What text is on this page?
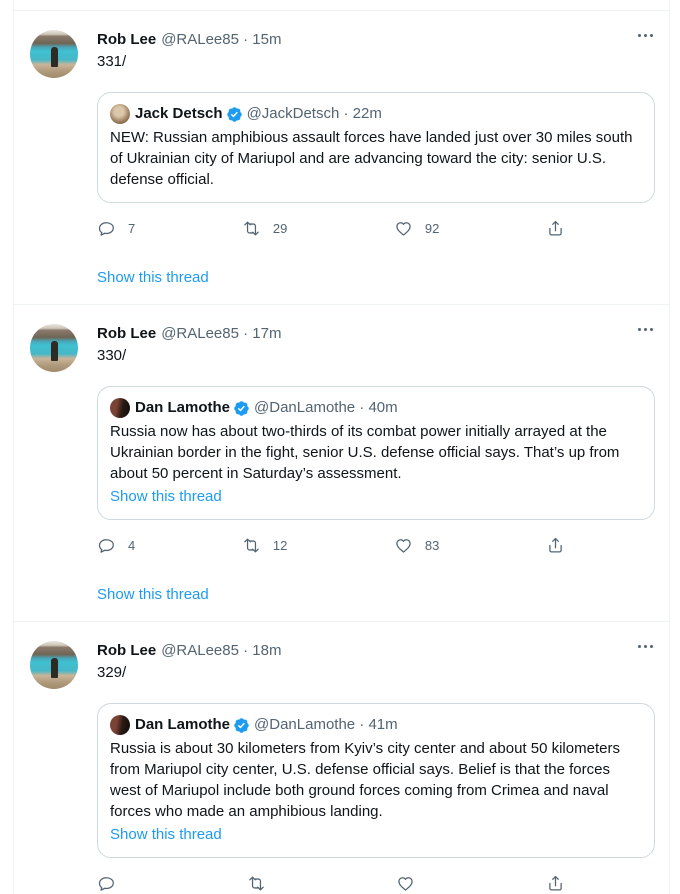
Rob Lee @RALee85 · 15m
331/
Jack Detsch @JackDetsch · 22m
NEW: Russian amphibious assault forces have landed just over 30 miles south of Ukrainian city of Mariupol and are advancing toward the city: senior U.S. defense official.
7	29	92
Show this thread
Rob Lee @RALee85 · 17m
330/
Dan Lamothe @DanLamothe · 40m
Russia now has about two-thirds of its combat power initially arrayed at the Ukrainian border in the fight, senior U.S. defense official says. That’s up from about 50 percent in Saturday’s assessment.
Show this thread
4	12	83
Show this thread
Rob Lee @RALee85 · 18m
329/
Dan Lamothe @DanLamothe · 41m
Russia is about 30 kilometers from Kyiv’s city center and about 50 kilometers from Mariupol city center, U.S. defense official says. Belief is that the forces west of Mariupol include both ground forces coming from Crimea and naval forces who made an amphibious landing.
Show this thread
